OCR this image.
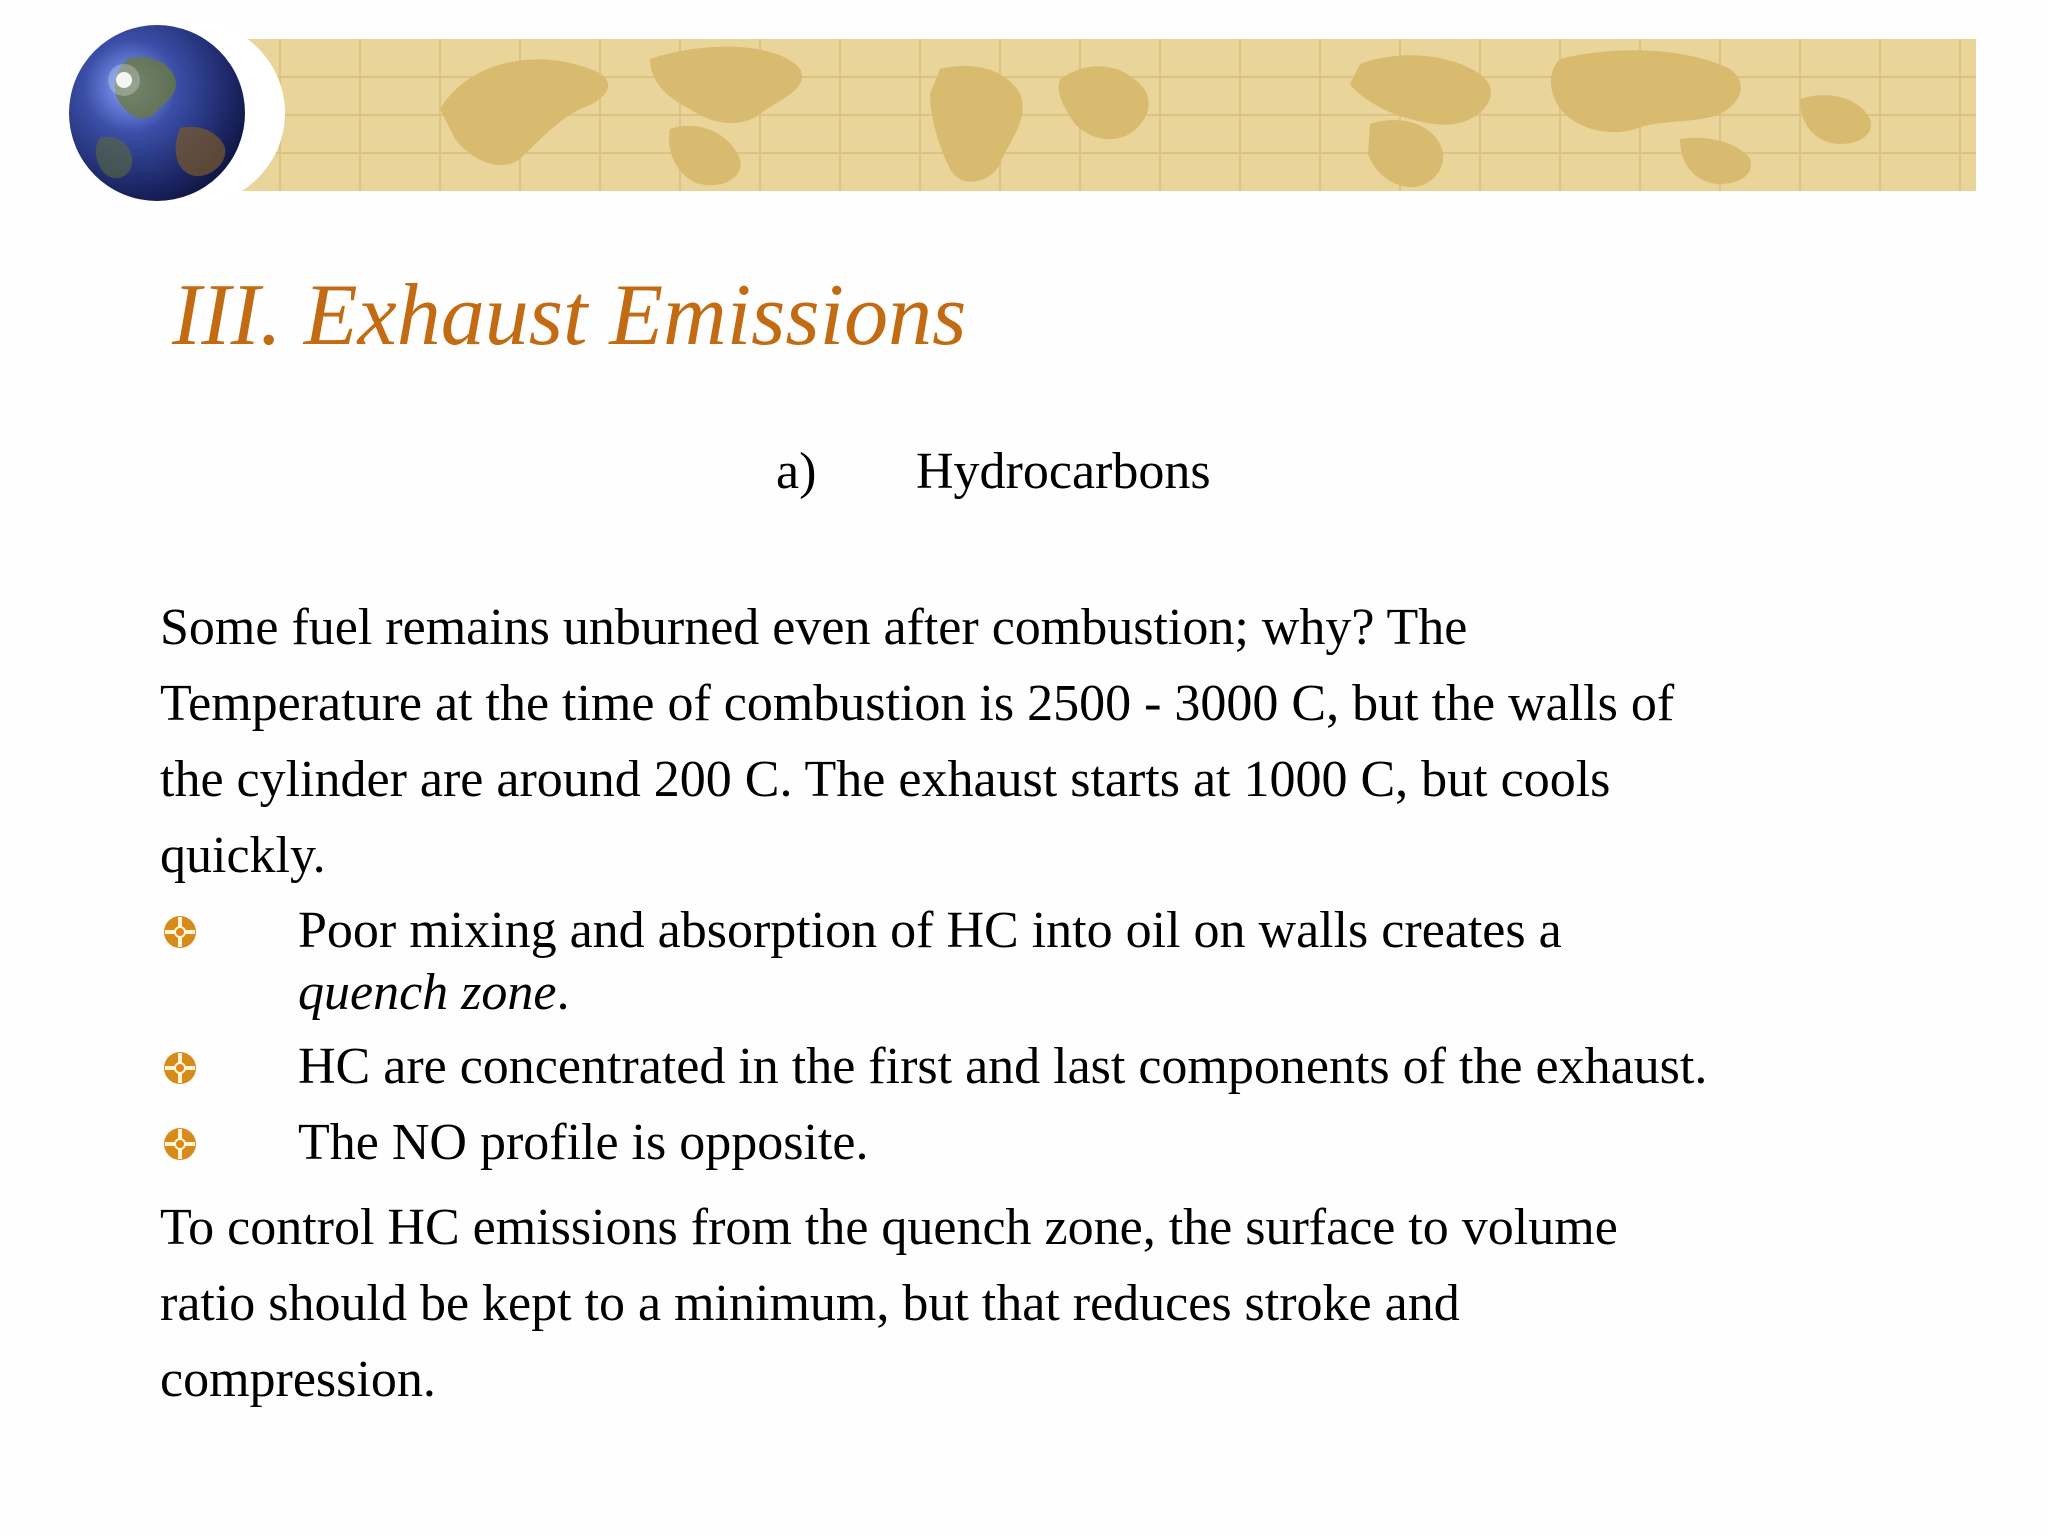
III. Exhaust Emissions
a) Hydrocarbons
Some fuel remains unburned even after combustion; why? The
Temperature at the time of combustion is 2500 - 3000 C, but the walls of
the cylinder are around 200 C. The exhaust starts at 1000 C, but cools
quickly.
Poor mixing and absorption of HC into oil on walls creates a
quench zone.
HC are concentrated in the first and last components of the exhaust.
The NO profile is opposite.
To control HC emissions from the quench zone, the surface to volume
ratio should be kept to a minimum, but that reduces stroke and
compression.
